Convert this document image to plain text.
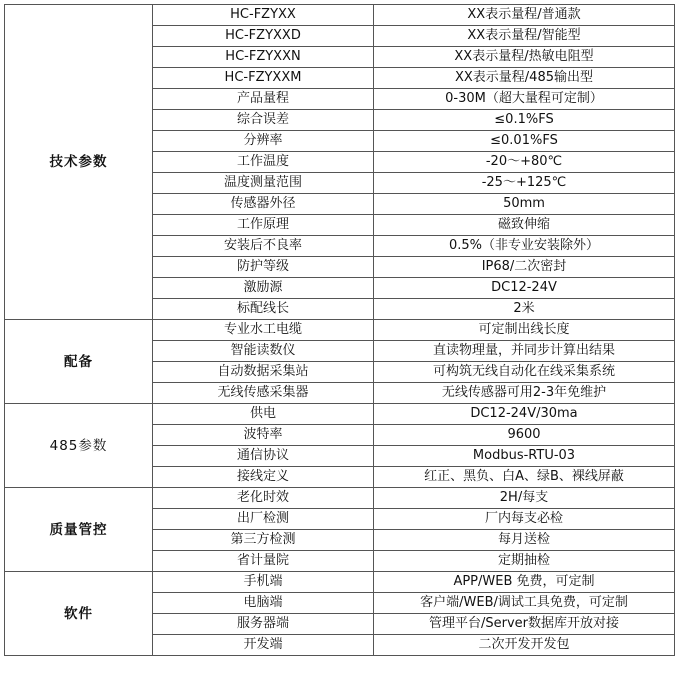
技术参数	HC-FZYXX	XX表示量程/普通款
	HC-FZYXXD	XX表示量程/智能型
	HC-FZYXXN	XX表示量程/热敏电阻型
	HC-FZYXXM	XX表示量程/485输出型
	产品量程	0-30M（超大量程可定制）
	综合误差	≤0.1%FS
	分辨率	≤0.01%FS
	工作温度	-20～+80℃
	温度测量范围	-25～+125℃
	传感器外径	50mm
	工作原理	磁致伸缩
	安装后不良率	0.5%（非专业安装除外）
	防护等级	IP68/二次密封
	激励源	DC12-24V
	标配线长	2米
配备	专业水工电缆	可定制出线长度
	智能读数仪	直读物理量，并同步计算出结果
	自动数据采集站	可构筑无线自动化在线采集系统
	无线传感采集器	无线传感器可用2-3年免维护
485参数	供电	DC12-24V/30ma
	波特率	9600
	通信协议	Modbus-RTU-03
	接线定义	红正、黑负、白A、绿B、裸线屏蔽
质量管控	老化时效	2H/每支
	出厂检测	厂内每支必检
	第三方检测	每月送检
	省计量院	定期抽检
软件	手机端	APP/WEB 免费，可定制
	电脑端	客户端/WEB/调试工具免费，可定制
	服务器端	管理平台/Server数据库开放对接
	开发端	二次开发开发包
